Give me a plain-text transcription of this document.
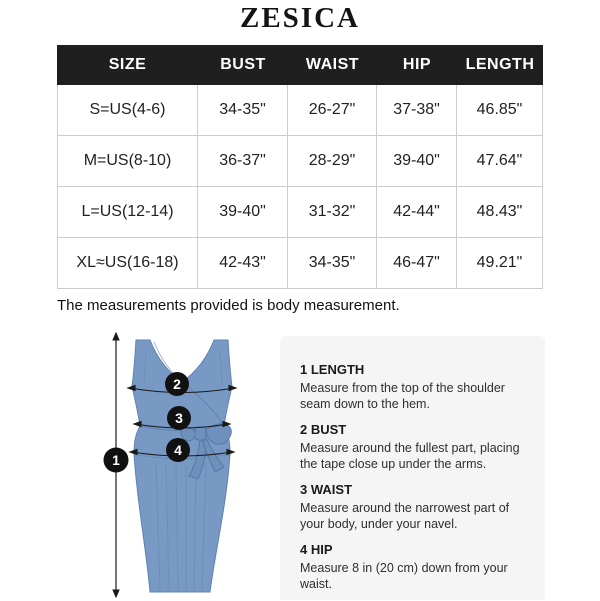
ZESICA
SIZE	BUST	WAIST	HIP	LENGTH
S=US(4-6)	34-35"	26-27"	37-38"	46.85"
M=US(8-10)	36-37"	28-29"	39-40"	47.64"
L=US(12-14)	39-40"	31-32"	42-44"	48.43"
XL≈US(16-18)	42-43"	34-35"	46-47"	49.21"
The measurements provided is body measurement.
1
2
3
4
1 LENGTH

Measure from the top of the shoulder seam down to the hem.

2 BUST

Measure around the fullest part, placing the tape close up under the arms.

3 WAIST

Measure around the narrowest part of your body, under your navel.

4 HIP

Measure 8 in (20 cm) down from your waist.
